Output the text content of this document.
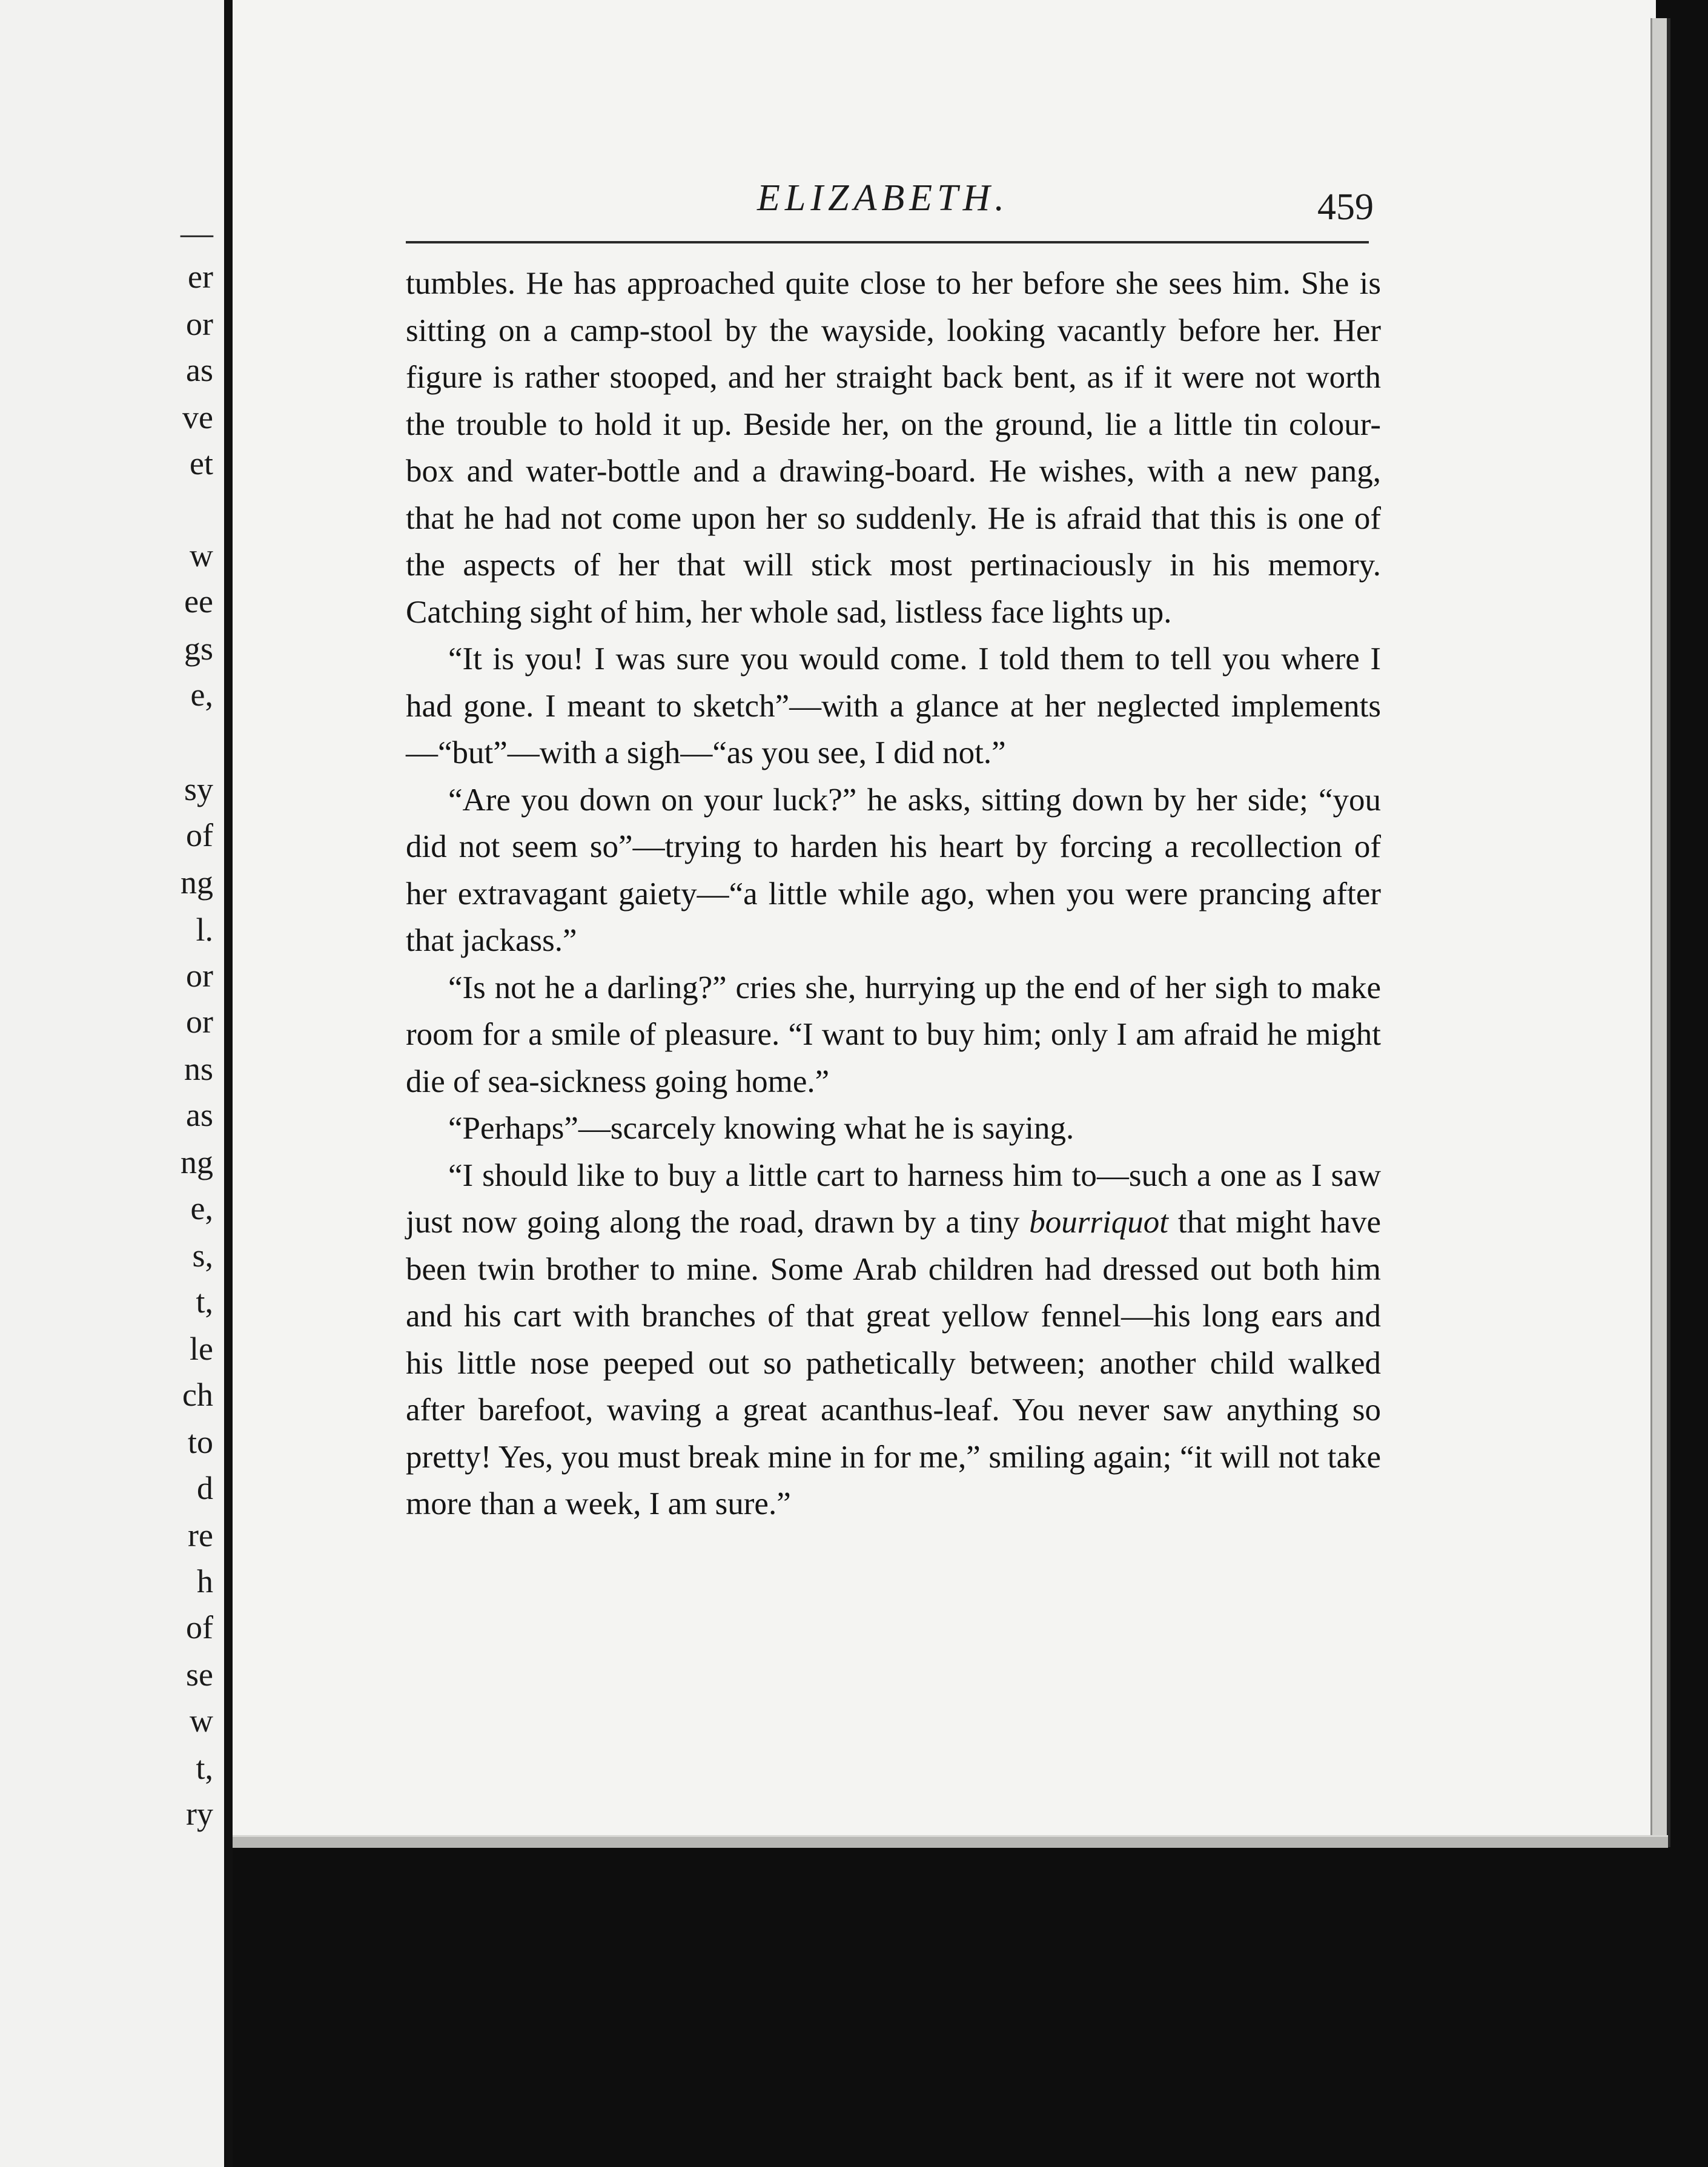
—
er
or
as
ve
et
w
ee
gs
e,
sy
of
ng
l.
or
or
ns
as
ng
e,
s,
t,
le
ch
to
d
re
h
of
se
w
t,
ry
ELIZABETH.	459

tumbles. He has approached quite close to her before she sees him. She is sitting on a camp-stool by the wayside, looking vacantly before her. Her figure is rather stooped, and her straight back bent, as if it were not worth the trouble to hold it up. Beside her, on the ground, lie a little tin colour-box and water-bottle and a drawing-board. He wishes, with a new pang, that he had not come upon her so suddenly. He is afraid that this is one of the aspects of her that will stick most pertinaciously in his memory. Catching sight of him, her whole sad, listless face lights up.

“It is you! I was sure you would come. I told them to tell you where I had gone. I meant to sketch”—with a glance at her neglected implements—“but”—with a sigh—“as you see, I did not.”

“Are you down on your luck?” he asks, sitting down by her side; “you did not seem so”—trying to harden his heart by forcing a recollection of her extravagant gaiety—“a little while ago, when you were prancing after that jackass.”

“Is not he a darling?” cries she, hurrying up the end of her sigh to make room for a smile of pleasure. “I want to buy him; only I am afraid he might die of sea-sickness going home.”

“Perhaps”—scarcely knowing what he is saying.

“I should like to buy a little cart to harness him to—such a one as I saw just now going along the road, drawn by a tiny bourriquot that might have been twin brother to mine. Some Arab children had dressed out both him and his cart with branches of that great yellow fennel—his long ears and his little nose peeped out so pathetically between; another child walked after barefoot, waving a great acanthus-leaf. You never saw anything so pretty! Yes, you must break mine in for me,” smiling again; “it will not take more than a week, I am sure.”
